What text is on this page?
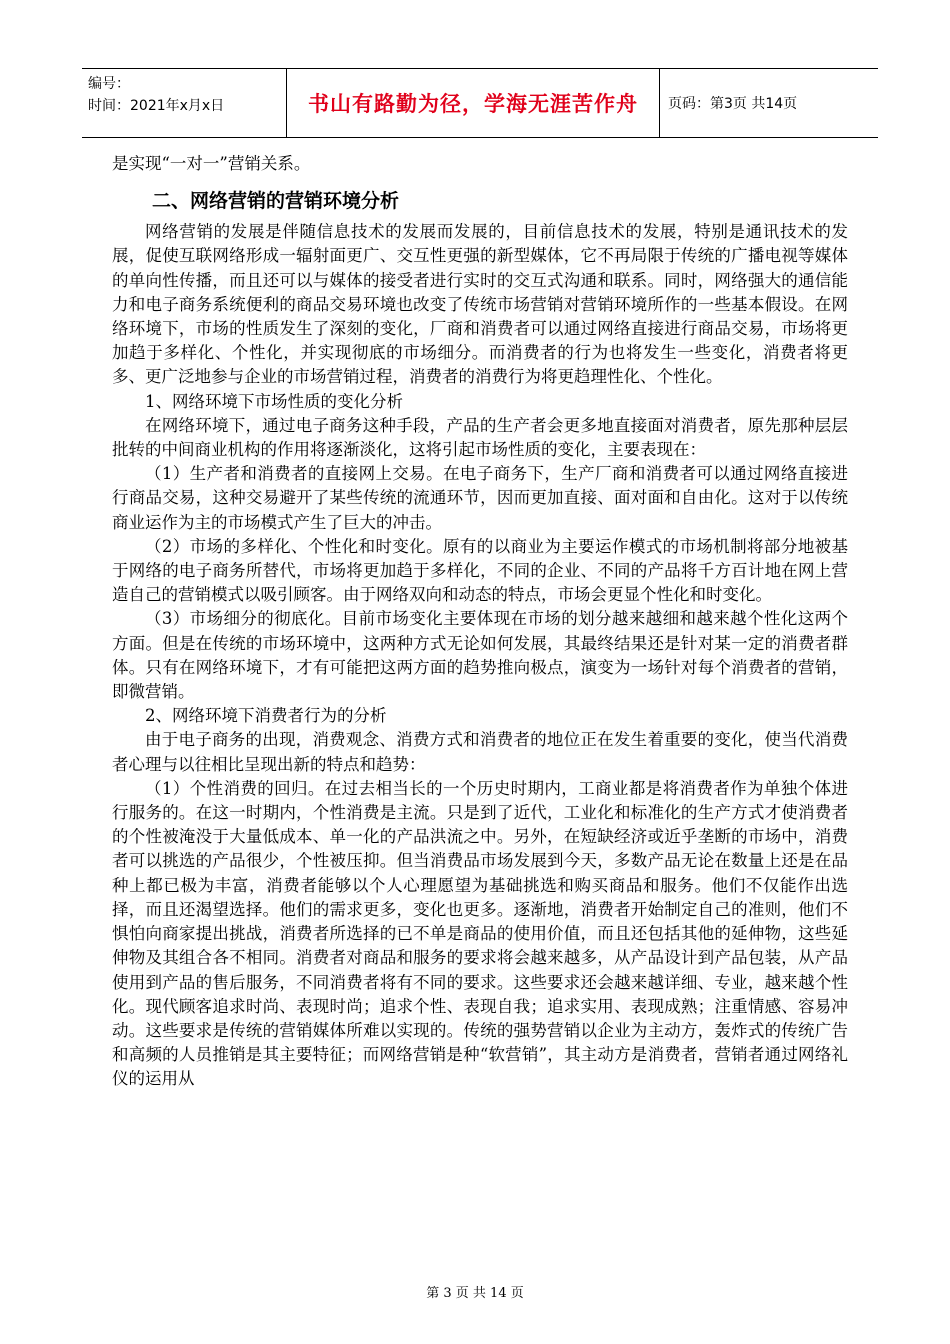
编号：
时间：2021年x月x日	书山有路勤为径，学海无涯苦作舟 页码：第3页 共14页

是实现“一对一”营销关系。

二、网络营销的营销环境分析

网络营销的发展是伴随信息技术的发展而发展的，目前信息技术的发展，特别是通讯技术的发展，促使互联网络形成一辐射面更广、交互性更强的新型媒体，它不再局限于传统的广播电视等媒体的单向性传播，而且还可以与媒体的接受者进行实时的交互式沟通和联系。同时，网络强大的通信能力和电子商务系统便利的商品交易环境也改变了传统市场营销对营销环境所作的一些基本假设。在网络环境下，市场的性质发生了深刻的变化，厂商和消费者可以通过网络直接进行商品交易，市场将更加趋于多样化、个性化，并实现彻底的市场细分。而消费者的行为也将发生一些变化，消费者将更多、更广泛地参与企业的市场营销过程，消费者的消费行为将更趋理性化、个性化。

1、网络环境下市场性质的变化分析

在网络环境下，通过电子商务这种手段，产品的生产者会更多地直接面对消费者，原先那种层层批转的中间商业机构的作用将逐渐淡化，这将引起市场性质的变化，主要表现在：

（1）生产者和消费者的直接网上交易。在电子商务下，生产厂商和消费者可以通过网络直接进行商品交易，这种交易避开了某些传统的流通环节，因而更加直接、面对面和自由化。这对于以传统商业运作为主的市场模式产生了巨大的冲击。

（2）市场的多样化、个性化和时变化。原有的以商业为主要运作模式的市场机制将部分地被基于网络的电子商务所替代，市场将更加趋于多样化，不同的企业、不同的产品将千方百计地在网上营造自己的营销模式以吸引顾客。由于网络双向和动态的特点，市场会更显个性化和时变化。

（3）市场细分的彻底化。目前市场变化主要体现在市场的划分越来越细和越来越个性化这两个方面。但是在传统的市场环境中，这两种方式无论如何发展，其最终结果还是针对某一定的消费者群体。只有在网络环境下，才有可能把这两方面的趋势推向极点，演变为一场针对每个消费者的营销，即微营销。

2、网络环境下消费者行为的分析

由于电子商务的出现，消费观念、消费方式和消费者的地位正在发生着重要的变化，使当代消费者心理与以往相比呈现出新的特点和趋势：

（1）个性消费的回归。在过去相当长的一个历史时期内，工商业都是将消费者作为单独个体进行服务的。在这一时期内，个性消费是主流。只是到了近代，工业化和标准化的生产方式才使消费者的个性被淹没于大量低成本、单一化的产品洪流之中。另外，在短缺经济或近乎垄断的市场中，消费者可以挑选的产品很少，个性被压抑。但当消费品市场发展到今天，多数产品无论在数量上还是在品种上都已极为丰富，消费者能够以个人心理愿望为基础挑选和购买商品和服务。他们不仅能作出选择，而且还渴望选择。他们的需求更多，变化也更多。逐渐地，消费者开始制定自己的准则，他们不惧怕向商家提出挑战，消费者所选择的已不单是商品的使用价值，而且还包括其他的延伸物，这些延伸物及其组合各不相同。消费者对商品和服务的要求将会越来越多，从产品设计到产品包装，从产品使用到产品的售后服务，不同消费者将有不同的要求。这些要求还会越来越详细、专业，越来越个性化。现代顾客追求时尚、表现时尚；追求个性、表现自我；追求实用、表现成熟；注重情感、容易冲动。这些要求是传统的营销媒体所难以实现的。传统的强势营销以企业为主动方，轰炸式的传统广告和高频的人员推销是其主要特征；而网络营销是种“软营销”，其主动方是消费者，营销者通过网络礼仪的运用从

第 3 页 共 14 页
